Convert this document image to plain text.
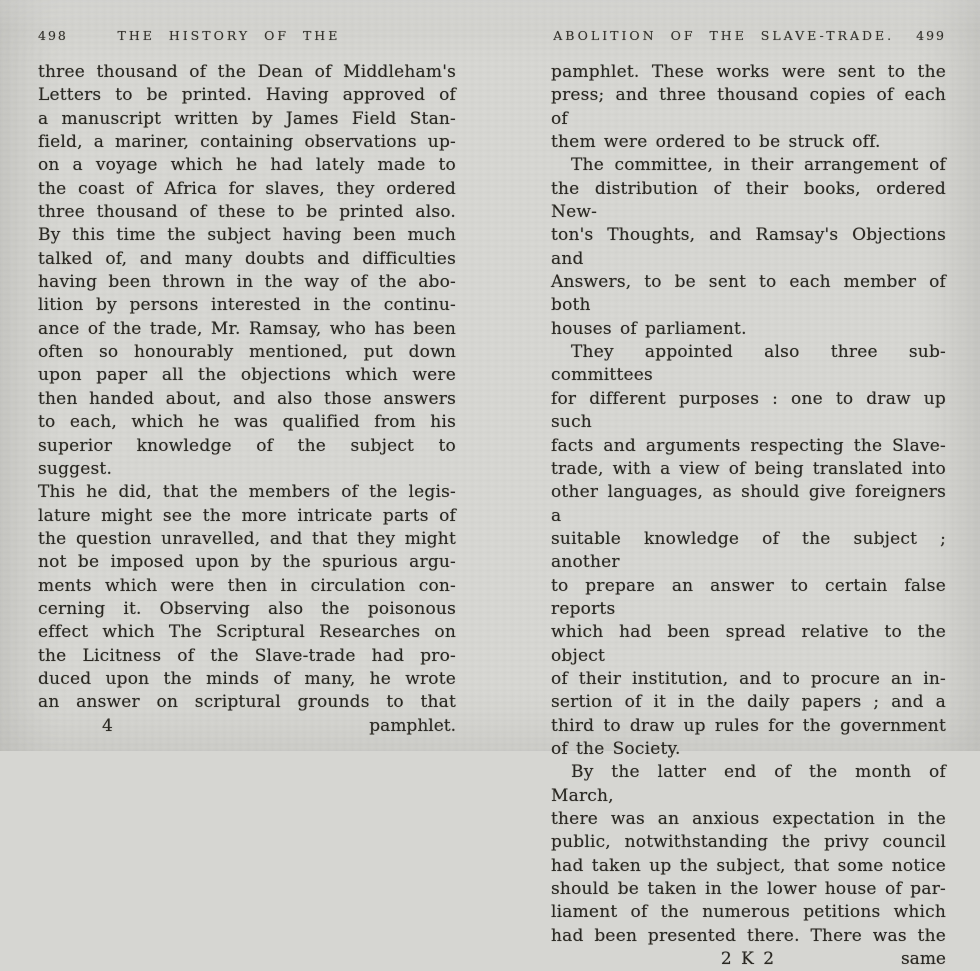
498	THE HISTORY OF THE
three thousand of the Dean of Middleham's
Letters to be printed. Having approved of
a manuscript written by James Field Stan-
field, a mariner, containing observations up-
on a voyage which he had lately made to
the coast of Africa for slaves, they ordered
three thousand of these to be printed also.
By this time the subject having been much
talked of, and many doubts and difficulties
having been thrown in the way of the abo-
lition by persons interested in the continu-
ance of the trade, Mr. Ramsay, who has been
often so honourably mentioned, put down
upon paper all the objections which were
then handed about, and also those answers
to each, which he was qualified from his
superior knowledge of the subject to suggest.
This he did, that the members of the legis-
lature might see the more intricate parts of
the question unravelled, and that they might
not be imposed upon by the spurious argu-
ments which were then in circulation con-
cerning it. Observing also the poisonous
effect which The Scriptural Researches on
the Licitness of the Slave-trade had pro-
duced upon the minds of many, he wrote
an answer on scriptural grounds to that
4	pamphlet.
ABOLITION OF THE SLAVE-TRADE. 499
pamphlet. These works were sent to the
press; and three thousand copies of each of
them were ordered to be struck off.
The committee, in their arrangement of
the distribution of their books, ordered New-
ton's Thoughts, and Ramsay's Objections and
Answers, to be sent to each member of both
houses of parliament.
They appointed also three sub-committees
for different purposes : one to draw up such
facts and arguments respecting the Slave-
trade, with a view of being translated into
other languages, as should give foreigners a
suitable knowledge of the subject ; another
to prepare an answer to certain false reports
which had been spread relative to the object
of their institution, and to procure an in-
sertion of it in the daily papers ; and a
third to draw up rules for the government
of the Society.
By the latter end of the month of March,
there was an anxious expectation in the
public, notwithstanding the privy council
had taken up the subject, that some notice
should be taken in the lower house of par-
liament of the numerous petitions which
had been presented there. There was the
2 K 2	same
